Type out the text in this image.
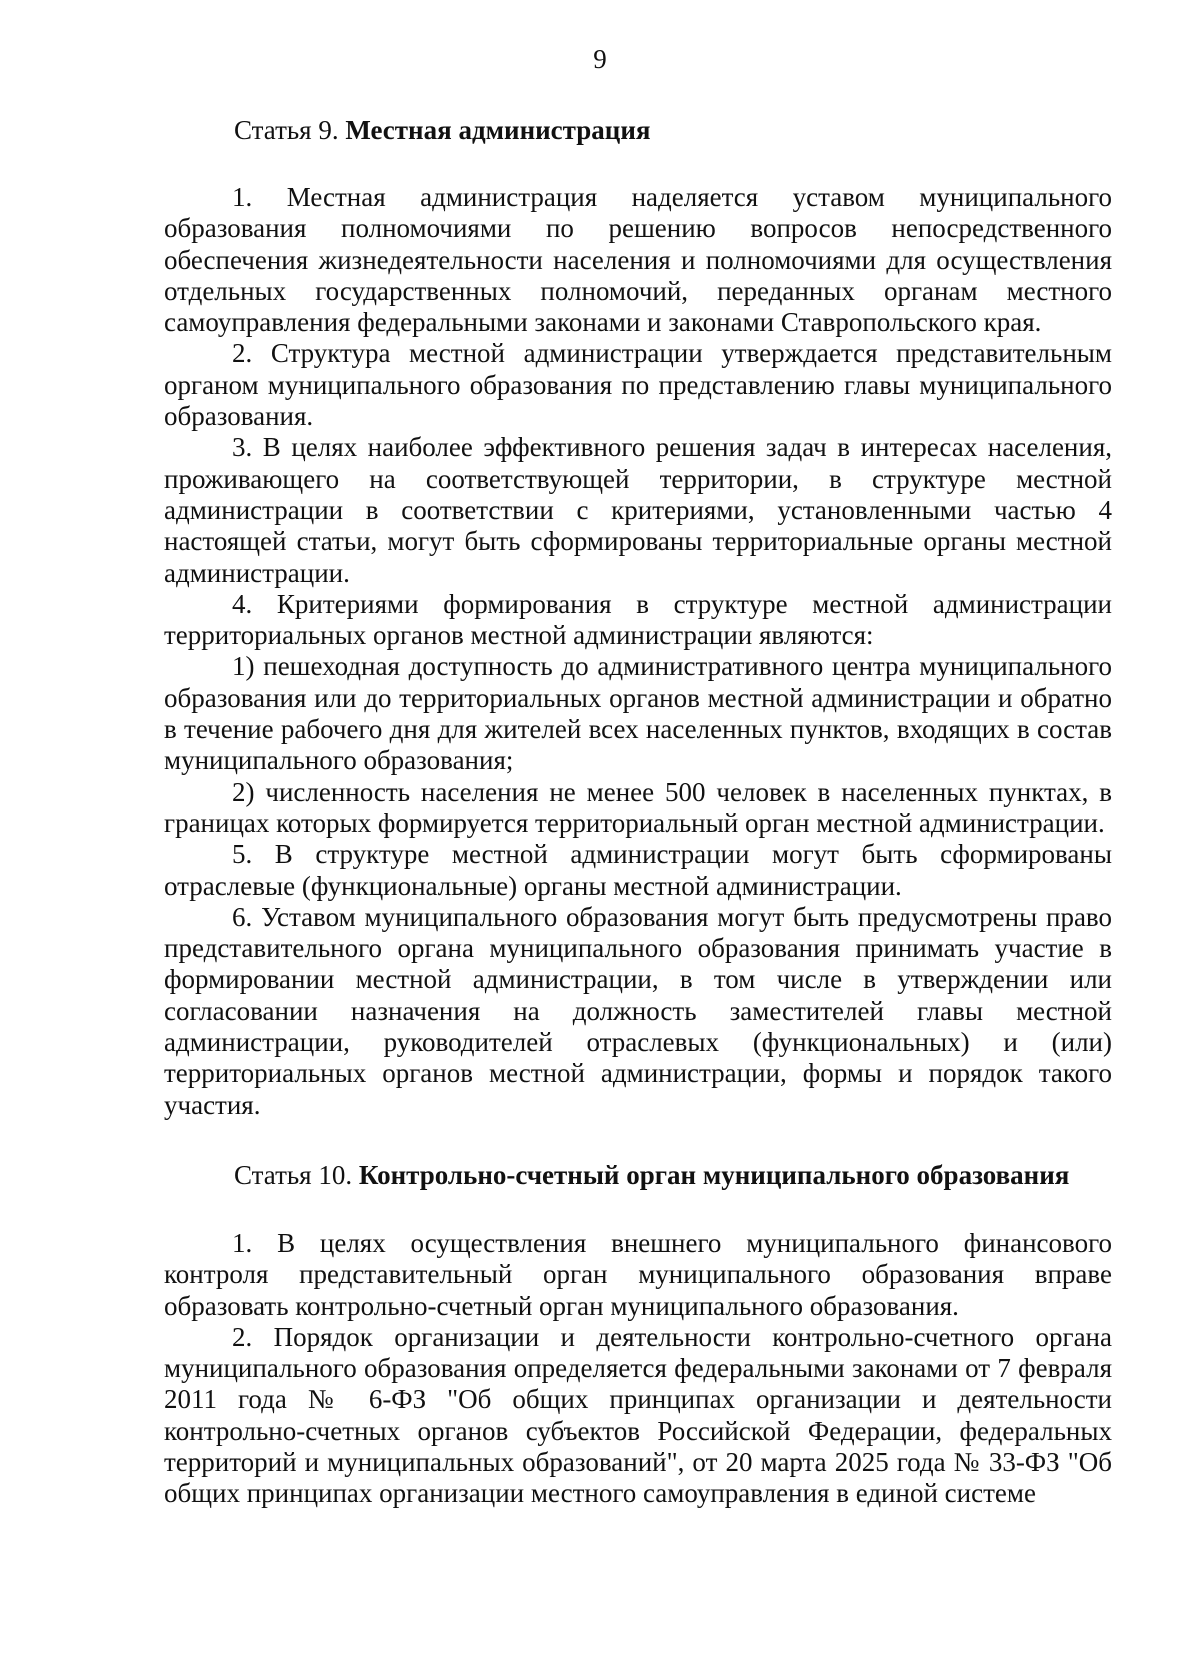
9
Статья 9. Местная администрация

1. Местная администрация наделяется уставом муниципального образования полномочиями по решению вопросов непосредственного обеспечения жизнедеятельности населения и полномочиями для осуществления отдельных государственных полномочий, переданных органам местного самоуправления федеральными законами и законами Ставропольского края.

2. Структура местной администрации утверждается представительным органом муниципального образования по представлению главы муниципального образования.

3. В целях наиболее эффективного решения задач в интересах населения, проживающего на соответствующей территории, в структуре местной администрации в соответствии с критериями, установленными частью 4 настоящей статьи, могут быть сформированы территориальные органы местной администрации.

4. Критериями формирования в структуре местной администрации территориальных органов местной администрации являются:

1) пешеходная доступность до административного центра муниципального образования или до территориальных органов местной администрации и обратно в течение рабочего дня для жителей всех населенных пунктов, входящих в состав муниципального образования;

2) численность населения не менее 500 человек в населенных пунктах, в границах которых формируется территориальный орган местной администрации.

5. В структуре местной администрации могут быть сформированы отраслевые (функциональные) органы местной администрации.

6. Уставом муниципального образования могут быть предусмотрены право представительного органа муниципального образования принимать участие в формировании местной администрации, в том числе в утверждении или согласовании назначения на должность заместителей главы местной администрации, руководителей отраслевых (функциональных) и (или) территориальных органов местной администрации, формы и порядок такого участия.

Статья 10. Контрольно-счетный орган муниципального образования

1. В целях осуществления внешнего муниципального финансового контроля представительный орган муниципального образования вправе образовать контрольно-счетный орган муниципального образования.

2. Порядок организации и деятельности контрольно-счетного органа муниципального образования определяется федеральными законами от 7 февраля 2011 года № 6-ФЗ "Об общих принципах организации и деятельности контрольно-счетных органов субъектов Российской Федерации, федеральных территорий и муниципальных образований", от 20 марта 2025 года № 33-ФЗ "Об общих принципах организации местного самоуправления в единой системе
